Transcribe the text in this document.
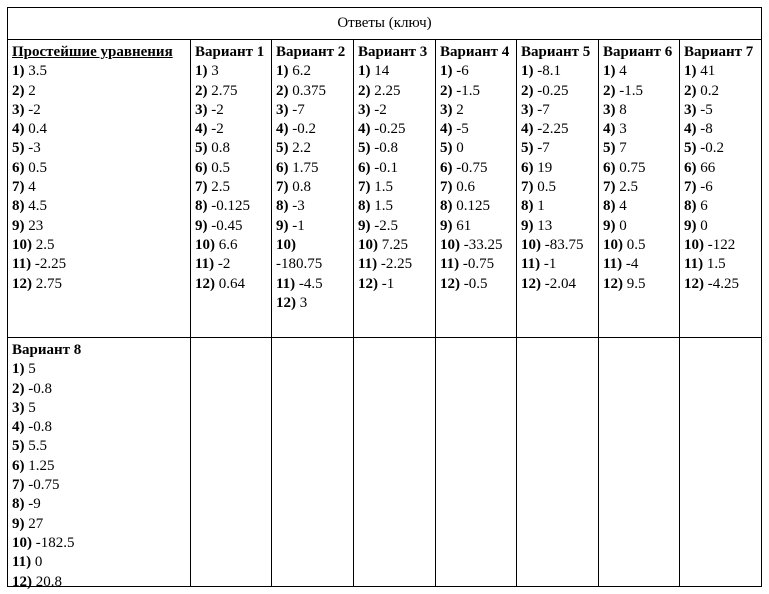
Ответы (ключ)
Простейшие уравнения
1) 3.5
2) 2
3) -2
4) 0.4
5) -3
6) 0.5
7) 4
8) 4.5
9) 23
10) 2.5
11) -2.25
12) 2.75
Вариант 1
1) 3
2) 2.75
3) -2
4) -2
5) 0.8
6) 0.5
7) 2.5
8) -0.125
9) -0.45
10) 6.6
11) -2
12) 0.64
Вариант 2
1) 6.2
2) 0.375
3) -7
4) -0.2
5) 2.2
6) 1.75
7) 0.8
8) -3
9) -1
10)
-180.75
11) -4.5
12) 3
Вариант 3
1) 14
2) 2.25
3) -2
4) -0.25
5) -0.8
6) -0.1
7) 1.5
8) 1.5
9) -2.5
10) 7.25
11) -2.25
12) -1
Вариант 4
1) -6
2) -1.5
3) 2
4) -5
5) 0
6) -0.75
7) 0.6
8) 0.125
9) 61
10) -33.25
11) -0.75
12) -0.5
Вариант 5
1) -8.1
2) -0.25
3) -7
4) -2.25
5) -7
6) 19
7) 0.5
8) 1
9) 13
10) -83.75
11) -1
12) -2.04
Вариант 6
1) 4
2) -1.5
3) 8
4) 3
5) 7
6) 0.75
7) 2.5
8) 4
9) 0
10) 0.5
11) -4
12) 9.5
Вариант 7
1) 41
2) 0.2
3) -5
4) -8
5) -0.2
6) 66
7) -6
8) 6
9) 0
10) -122
11) 1.5
12) -4.25
Вариант 8
1) 5
2) -0.8
3) 5
4) -0.8
5) 5.5
6) 1.25
7) -0.75
8) -9
9) 27
10) -182.5
11) 0
12) 20.8
